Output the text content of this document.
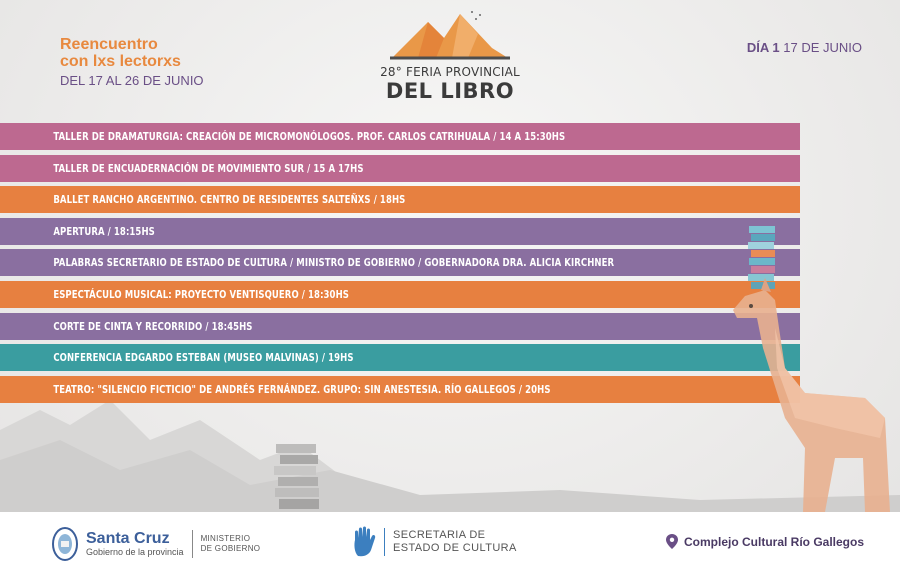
Reencuentro
con lxs lectorxs
DEL 17 AL 26 DE JUNIO
28° FERIA PROVINCIAL
DEL LIBRO
DÍA 1 17 DE JUNIO
TALLER DE DRAMATURGIA: CREACIÓN DE MICROMONÓLOGOS. PROF. CARLOS CATRIHUALA / 14 A 15:30HS
TALLER DE ENCUADERNACIÓN DE MOVIMIENTO SUR / 15 A 17HS
BALLET RANCHO ARGENTINO. CENTRO DE RESIDENTES SALTEÑXS / 18HS
APERTURA / 18:15HS
PALABRAS SECRETARIO DE ESTADO DE CULTURA / MINISTRO DE GOBIERNO / GOBERNADORA DRA. ALICIA KIRCHNER
ESPECTÁCULO MUSICAL: PROYECTO VENTISQUERO / 18:30HS
CORTE DE CINTA Y RECORRIDO / 18:45HS
CONFERENCIA EDGARDO ESTEBAN (MUSEO MALVINAS) / 19HS
TEATRO: "SILENCIO FICTICIO" DE ANDRÉS FERNÁNDEZ. GRUPO: SIN ANESTESIA. RÍO GALLEGOS / 20HS
Santa Cruz
Gobierno de la provincia
MINISTERIO
DE GOBIERNO
SECRETARIA DE
ESTADO DE CULTURA	Complejo Cultural Río Gallegos
